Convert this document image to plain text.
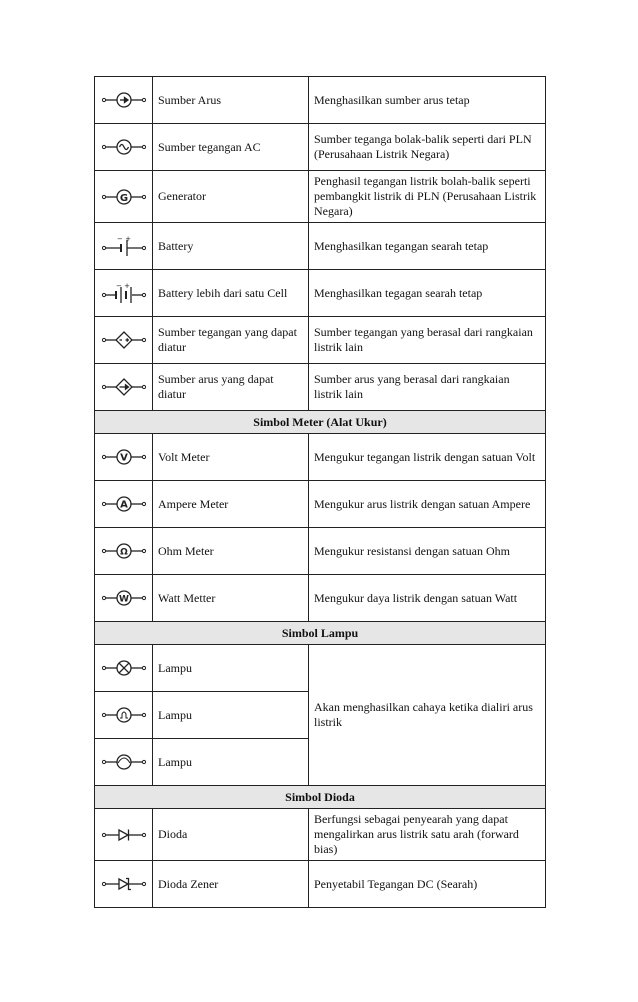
	Sumber Arus	Menghasilkan sumber arus tetap

	Sumber tegangan AC	Sumber teganga bolak-balik seperti dari PLN (Perusahaan Listrik Negara)

G	Generator	Penghasil tegangan listrik bolah-balik seperti pembangkit listrik di PLN (Perusahaan Listrik Negara)

− +	Battery	Menghasilkan tegangan searah tetap

− +	Battery lebih dari satu Cell	Menghasilkan tegagan searah tetap

	Sumber tegangan yang dapat diatur	Sumber tegangan yang berasal dari rangkaian listrik lain

	Sumber arus yang dapat diatur	Sumber arus yang berasal dari rangkaian listrik lain
Simbol Meter (Alat Ukur)		

V	Volt Meter	Mengukur tegangan listrik dengan satuan Volt

A	Ampere Meter	Mengukur arus listrik dengan satuan Ampere

Ω	Ohm Meter	Mengukur resistansi dengan satuan Ohm

W	Watt Metter	Mengukur daya listrik dengan satuan Watt
Simbol Lampu		

	Lampu	Akan menghasilkan cahaya ketika dialiri arus listrik

	Lampu	

	Lampu	
Simbol Dioda		

	Dioda	Berfungsi sebagai penyearah yang dapat mengalirkan arus listrik satu arah (forward bias)

	Dioda Zener	Penyetabil Tegangan DC (Searah)
